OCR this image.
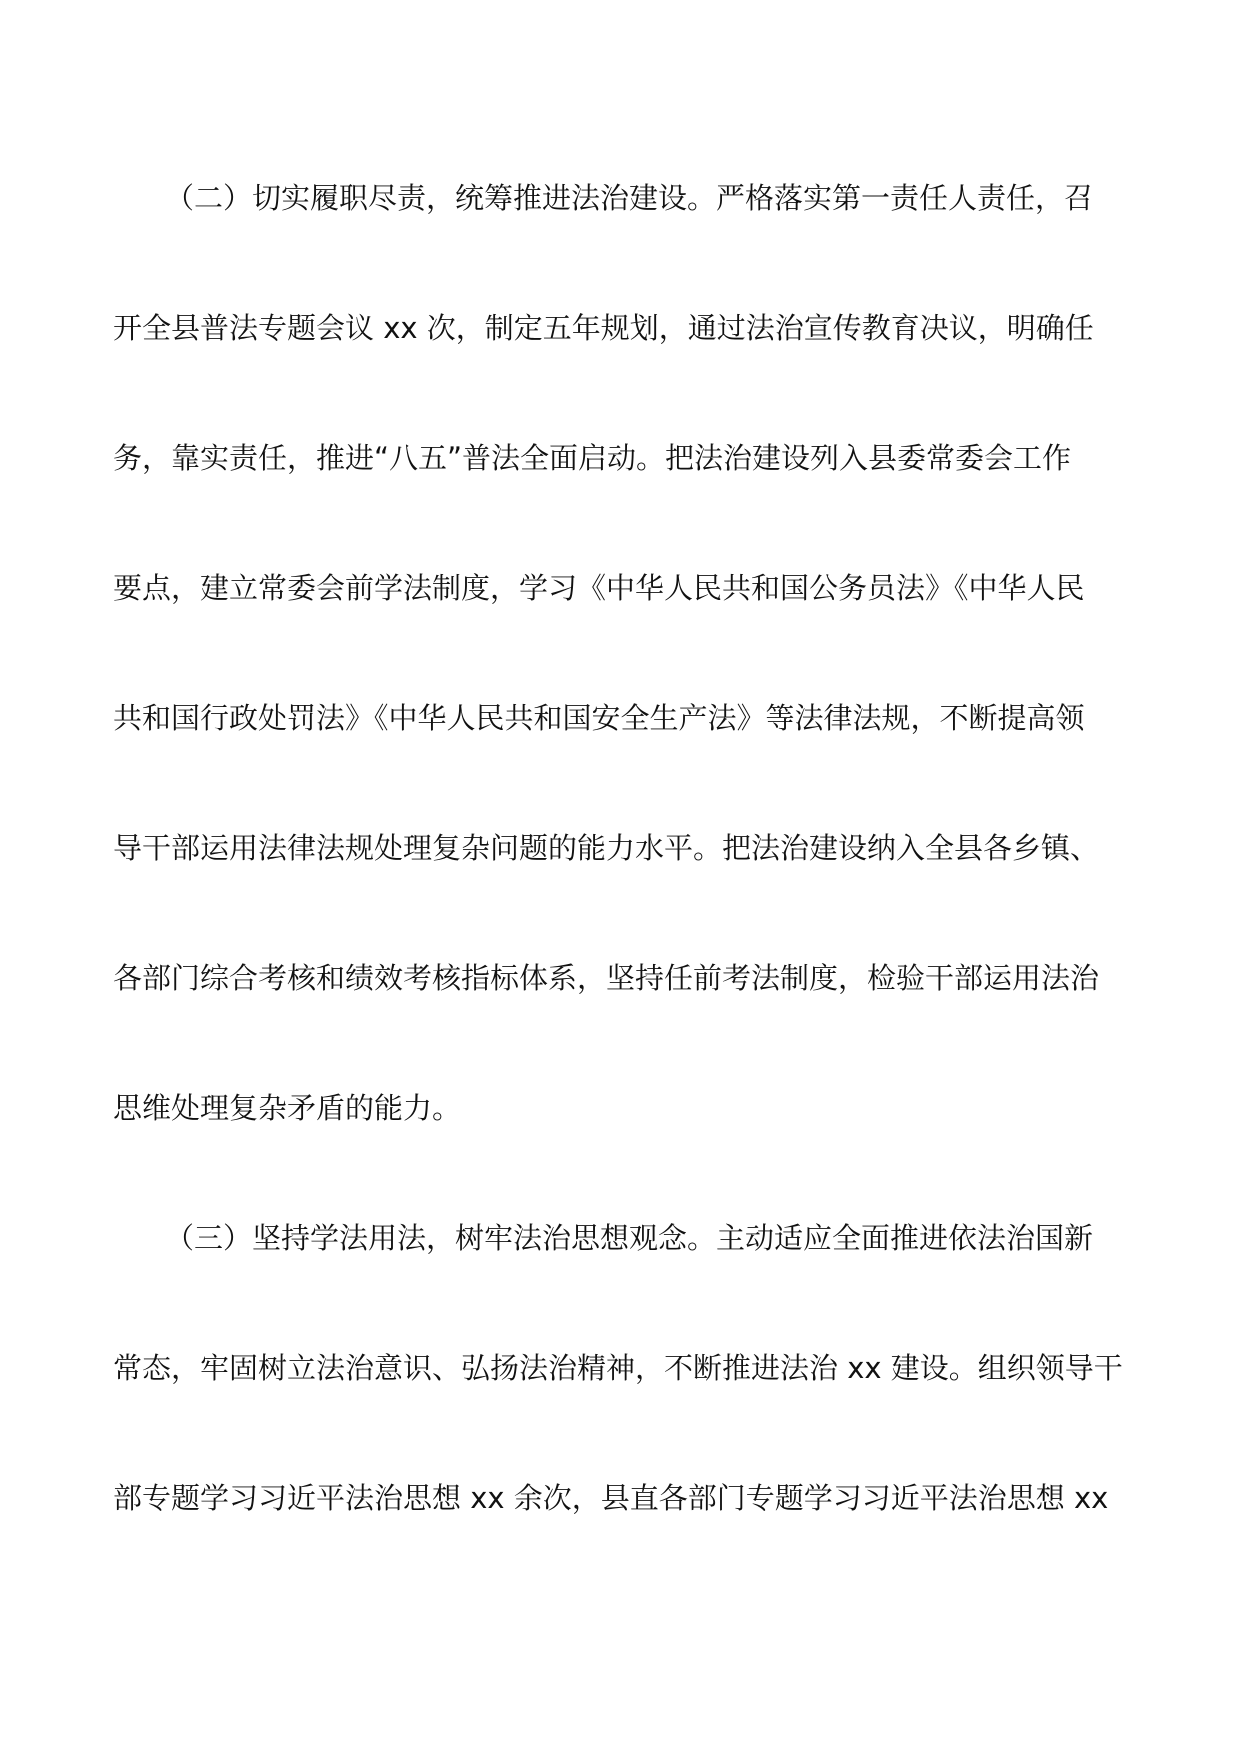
（二）切实履职尽责，统筹推进法治建设。严格落实第一责任人责任，召
开全县普法专题会议 xx 次，制定五年规划，通过法治宣传教育决议，明确任
务，靠实责任，推进“八五”普法全面启动。把法治建设列入县委常委会工作
要点，建立常委会前学法制度，学习《中华人民共和国公务员法》《中华人民
共和国行政处罚法》《中华人民共和国安全生产法》等法律法规，不断提高领
导干部运用法律法规处理复杂问题的能力水平。把法治建设纳入全县各乡镇、
各部门综合考核和绩效考核指标体系，坚持任前考法制度，检验干部运用法治
思维处理复杂矛盾的能力。
（三）坚持学法用法，树牢法治思想观念。主动适应全面推进依法治国新
常态，牢固树立法治意识、弘扬法治精神，不断推进法治 xx 建设。组织领导干
部专题学习习近平法治思想 xx 余次，县直各部门专题学习习近平法治思想 xx
